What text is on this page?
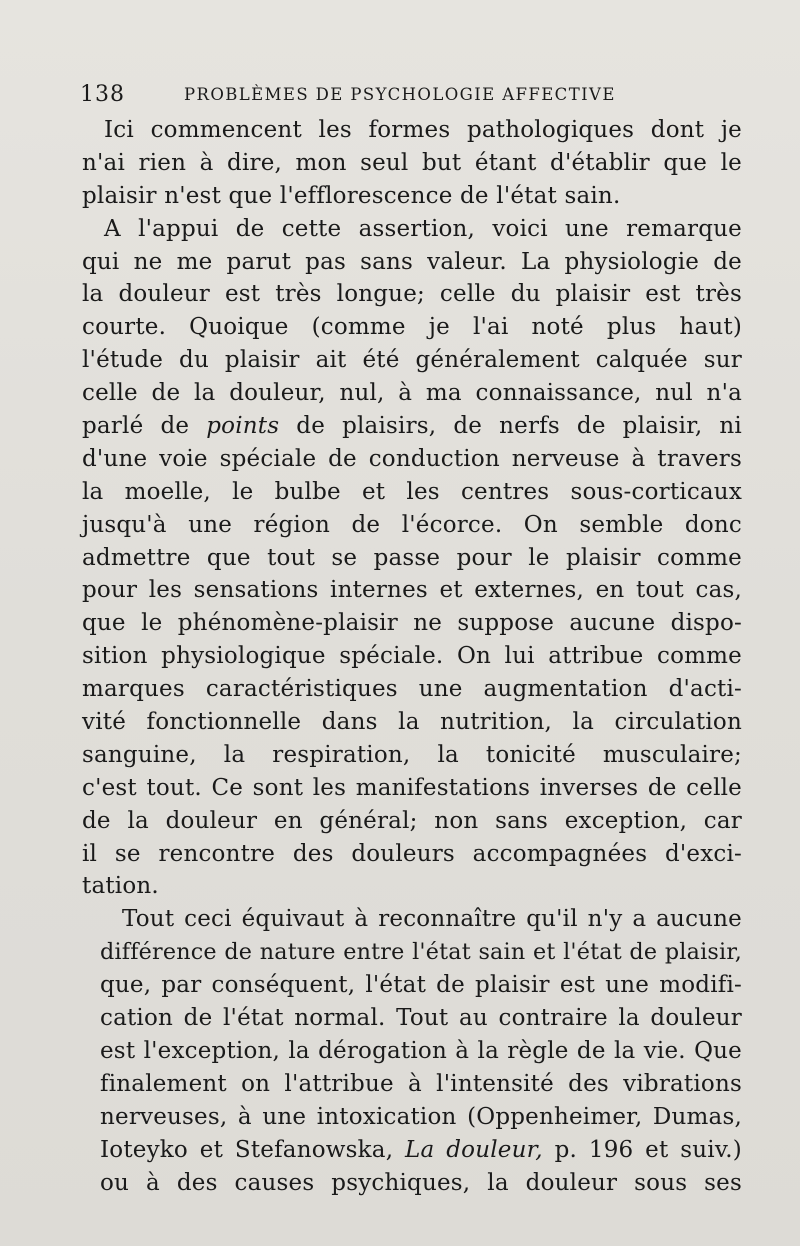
138	PROBLÈMES DE PSYCHOLOGIE AFFECTIVE
Ici commencent les formes pathologiques dont je
n'ai rien à dire, mon seul but étant d'établir que le
plaisir n'est que l'efflorescence de l'état sain.
A l'appui de cette assertion, voici une remarque
qui ne me parut pas sans valeur. La physiologie de
la douleur est très longue; celle du plaisir est très
courte. Quoique (comme je l'ai noté plus haut)
l'étude du plaisir ait été généralement calquée sur
celle de la douleur, nul, à ma connaissance, nul n'a
parlé de points de plaisirs, de nerfs de plaisir, ni
d'une voie spéciale de conduction nerveuse à travers
la moelle, le bulbe et les centres sous-corticaux
jusqu'à une région de l'écorce. On semble donc
admettre que tout se passe pour le plaisir comme
pour les sensations internes et externes, en tout cas,
que le phénomène-plaisir ne suppose aucune dispo-
sition physiologique spéciale. On lui attribue comme
marques caractéristiques une augmentation d'acti-
vité fonctionnelle dans la nutrition, la circulation
sanguine, la respiration, la tonicité musculaire;
c'est tout. Ce sont les manifestations inverses de celle
de la douleur en général; non sans exception, car
il se rencontre des douleurs accompagnées d'exci-
tation.
Tout ceci équivaut à reconnaître qu'il n'y a aucune
différence de nature entre l'état sain et l'état de plaisir,
que, par conséquent, l'état de plaisir est une modifi-
cation de l'état normal. Tout au contraire la douleur
est l'exception, la dérogation à la règle de la vie. Que
finalement on l'attribue à l'intensité des vibrations
nerveuses, à une intoxication (Oppenheimer, Dumas,
Ioteyko et Stefanowska, La douleur, p. 196 et suiv.)
ou à des causes psychiques, la douleur sous ses
